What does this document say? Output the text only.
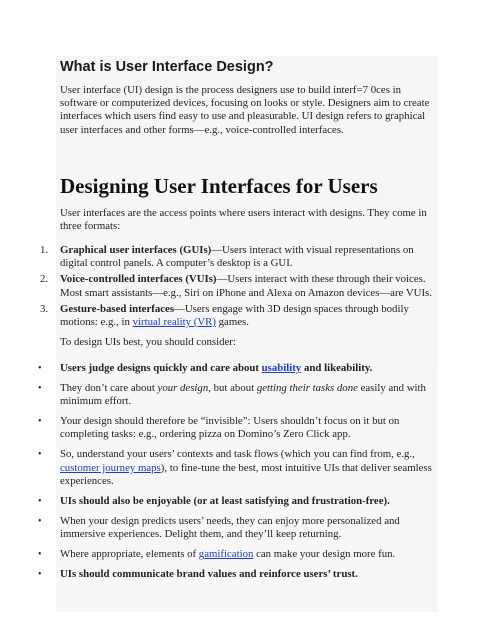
What is User Interface Design?
User interface (UI) design is the process designers use to build interf=7 0ces in software or computerized devices, focusing on looks or style. Designers aim to create interfaces which users find easy to use and pleasurable. UI design refers to graphical user interfaces and other forms—e.g., voice-controlled interfaces.
Designing User Interfaces for Users
User interfaces are the access points where users interact with designs. They come in three formats:
1. Graphical user interfaces (GUIs)—Users interact with visual representations on digital control panels. A computer’s desktop is a GUI.
2. Voice-controlled interfaces (VUIs)—Users interact with these through their voices. Most smart assistants—e.g., Siri on iPhone and Alexa on Amazon devices—are VUIs.
3. Gesture-based interfaces—Users engage with 3D design spaces through bodily motions: e.g., in virtual reality (VR) games.
To design UIs best, you should consider:
• Users judge designs quickly and care about usability and likeability.
• They don’t care about your design, but about getting their tasks done easily and with minimum effort.
• Your design should therefore be “invisible”: Users shouldn’t focus on it but on completing tasks: e.g., ordering pizza on Domino’s Zero Click app.
• So, understand your users’ contexts and task flows (which you can find from, e.g., customer journey maps), to fine-tune the best, most intuitive UIs that deliver seamless experiences.
• UIs should also be enjoyable (or at least satisfying and frustration-free).
• When your design predicts users’ needs, they can enjoy more personalized and immersive experiences. Delight them, and they’ll keep returning.
• Where appropriate, elements of gamification can make your design more fun.
• UIs should communicate brand values and reinforce users’ trust.
